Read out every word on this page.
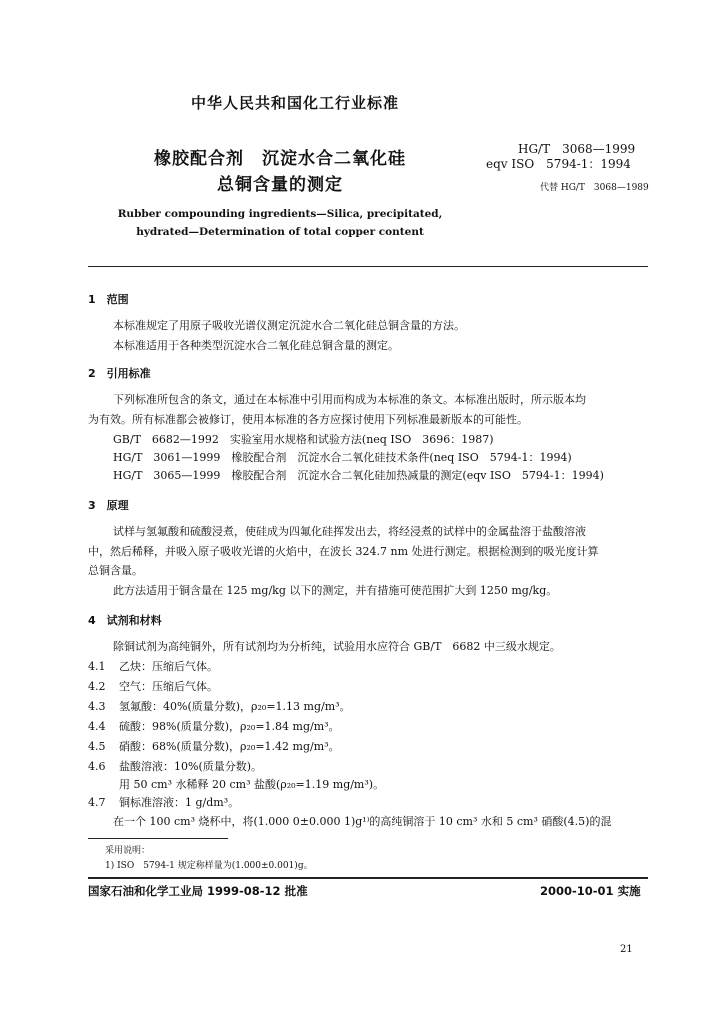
中华人民共和国化工行业标准
橡胶配合剂　沉淀水合二氧化硅
总铜含量的测定
Rubber compounding ingredients—Silica, precipitated,
hydrated—Determination of total copper content
HG/T　3068—1999
eqv ISO　5794-1：1994
代替 HG/T　3068—1989
1　范围
本标准规定了用原子吸收光谱仪测定沉淀水合二氧化硅总铜含量的方法。
本标准适用于各种类型沉淀水合二氧化硅总铜含量的测定。
2　引用标准
下列标准所包含的条文，通过在本标准中引用而构成为本标准的条文。本标准出版时，所示版本均
为有效。所有标准都会被修订，使用本标准的各方应探讨使用下列标准最新版本的可能性。
GB/T　6682—1992　实验室用水规格和试验方法(neq ISO　3696：1987)
HG/T　3061—1999　橡胶配合剂　沉淀水合二氧化硅技术条件(neq ISO　5794-1：1994)
HG/T　3065—1999　橡胶配合剂　沉淀水合二氧化硅加热减量的测定(eqv ISO　5794-1：1994)
3　原理
试样与氢氟酸和硫酸浸煮，使硅成为四氟化硅挥发出去，将经浸煮的试样中的金属盐溶于盐酸溶液
中，然后稀释，并吸入原子吸收光谱的火焰中，在波长 324.7 nm 处进行测定。根据检测到的吸光度计算
总铜含量。
此方法适用于铜含量在 125 mg/kg 以下的测定，并有措施可使范围扩大到 1250 mg/kg。
4　试剂和材料
除铜试剂为高纯铜外，所有试剂均为分析纯，试验用水应符合 GB/T　6682 中三级水规定。
4.1 乙炔：压缩后气体。
4.2 空气：压缩后气体。
4.3 氢氟酸：40%(质量分数)，ρ₂₀=1.13 mg/m³。
4.4 硫酸：98%(质量分数)，ρ₂₀=1.84 mg/m³。
4.5 硝酸：68%(质量分数)，ρ₂₀=1.42 mg/m³。
4.6 盐酸溶液：10%(质量分数)。
用 50 cm³ 水稀释 20 cm³ 盐酸(ρ₂₀=1.19 mg/m³)。
4.7 铜标准溶液：1 g/dm³。
在一个 100 cm³ 烧杯中，将(1.000 0±0.000 1)g¹⁾的高纯铜溶于 10 cm³ 水和 5 cm³ 硝酸(4.5)的混
采用说明：
1) ISO　5794-1 规定称样量为(1.000±0.001)g。
国家石油和化学工业局 1999-08-12 批准	2000-10-01 实施
21
